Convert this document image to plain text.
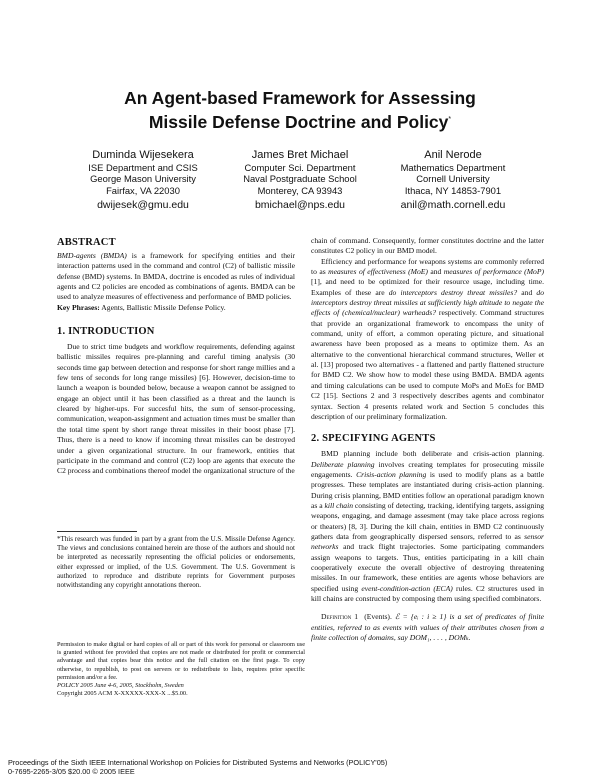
An Agent-based Framework for Assessing
Missile Defense Doctrine and Policy*
Duminda Wijesekera
ISE Department and CSIS
George Mason University
Fairfax, VA 22030
dwijesek@gmu.edu
James Bret Michael
Computer Sci. Department
Naval Postgraduate School
Monterey, CA 93943
bmichael@nps.edu
Anil Nerode
Mathematics Department
Cornell University
Ithaca, NY 14853-7901
anil@math.cornell.edu

ABSTRACT

BMD-agents (BMDA) is a framework for specifying entities and their interaction patterns used in the command and control (C2) of ballistic missile defense (BMD) systems. In BMDA, doctrine is encoded as rules of individual agents and C2 policies are encoded as combinations of agents. BMDA can be used to analyze measures of effectiveness and performance of BMD policies.

Key Phrases: Agents, Ballistic Missile Defense Policy.

1. INTRODUCTION

Due to strict time budgets and workflow requirements, defending against ballistic missiles requires pre-planning and careful timing analysis (30 seconds time gap between detection and response for short range millies and a few tens of seconds for long range missiles) [6]. However, decision-time to launch a weapon is bounded below, because a weapon cannot be assigned to engage an object until it has been classified as a threat and the launch is cleared by higher-ups. For succesful hits, the sum of sensor-processing, communication, weapon-assignment and actuation times must be smaller than the total time spent by short range threat missiles in their boost phase [7]. Thus, there is a need to know if incoming threat missiles can be destroyed under a given organizational structure. In our framework, entities that participate in the command and control (C2) loop are agents that execute the C2 process and combinations thereof model the organizational structure of the

*This research was funded in part by a grant from the U.S. Missile Defense Agency. The views and conclusions contained herein are those of the authors and should not be interpreted as necessarily representing the official policies or endorsements, either expressed or implied, of the U.S. Government. The U.S. Government is authorized to reproduce and distribute reprints for Government purposes notwithstanding any copyright annotations thereon.
Permission to make digital or hard copies of all or part of this work for personal or classroom use is granted without fee provided that copies are not made or distributed for profit or commercial advantage and that copies bear this notice and the full citation on the first page. To copy otherwise, to republish, to post on servers or to redistribute to lists, requires prior specific permission and/or a fee.
POLICY 2005 June 4-6, 2005, Stockholm, Sweden
Copyright 2005 ACM X-XXXXX-XXX-X ...$5.00.

chain of command. Consequently, former constitutes doctrine and the latter constitutes C2 policy in our BMD model.

Efficiency and performance for weapons systems are commonly referred to as measures of effectiveness (MoE) and measures of performance (MoP) [1], and need to be optimized for their resource usage, including time. Examples of these are do interceptors destroy threat missiles? and do interceptors destroy threat missiles at sufficiently high altitude to negate the effects of (chemical/nuclear) warheads? respectively. Command structures that provide an organizational framework to encompass the unity of command, unity of effort, a common operating picture, and situational awareness have been proposed as a means to optimize them. As an alternative to the conventional hierarchical command structures, Weller et al. [13] proposed two alternatives - a flattened and partly flattened structure for BMD C2. We show how to model these using BMDA. BMDA agents and timing calculations can be used to compute MoPs and MoEs for BMD C2 [15]. Sections 2 and 3 respectively describes agents and combinator syntax. Section 4 presents related work and Section 5 concludes this description of our preliminary formalization.

2. SPECIFYING AGENTS

BMD planning include both deliberate and crisis-action planning. Deliberate planning involves creating templates for prosecuting missile engagements. Crisis-action planning is used to modify plans as a battle progresses. These templates are instantiated during crisis-action planning. During crisis planning, BMD entities follow an operational paradigm known as a kill chain consisting of detecting, tracking, identifying targets, assigning weapons, engaging, and damage assesment (may take place across regions or theaters) [8, 3]. During the kill chain, entities in BMD C2 continuously gathers data from geographically dispersed sensors, referred to as sensor networks and track flight trajectories. Some participating commanders assign weapons to targets. Thus, entities participating in a kill chain cooperatively execute the overall objective of destroying threatening missiles. In our framework, these entities are agents whose behaviors are specified using event-condition-action (ECA) rules. C2 structures used in kill chains are constructed by composing them using specified combinators.

Definition 1 (Events). ℰ = {eᵢ : i ≥ 1} is a set of predicates of finite entities, referred to as events with values of their attributes chosen from a finite collection of domains, say DOM₁, . . . , DOMₖ.

Proceedings of the Sixth IEEE International Workshop on Policies for Distributed Systems and Networks (POLICY'05)
0-7695-2265-3/05 $20.00 © 2005 IEEE
